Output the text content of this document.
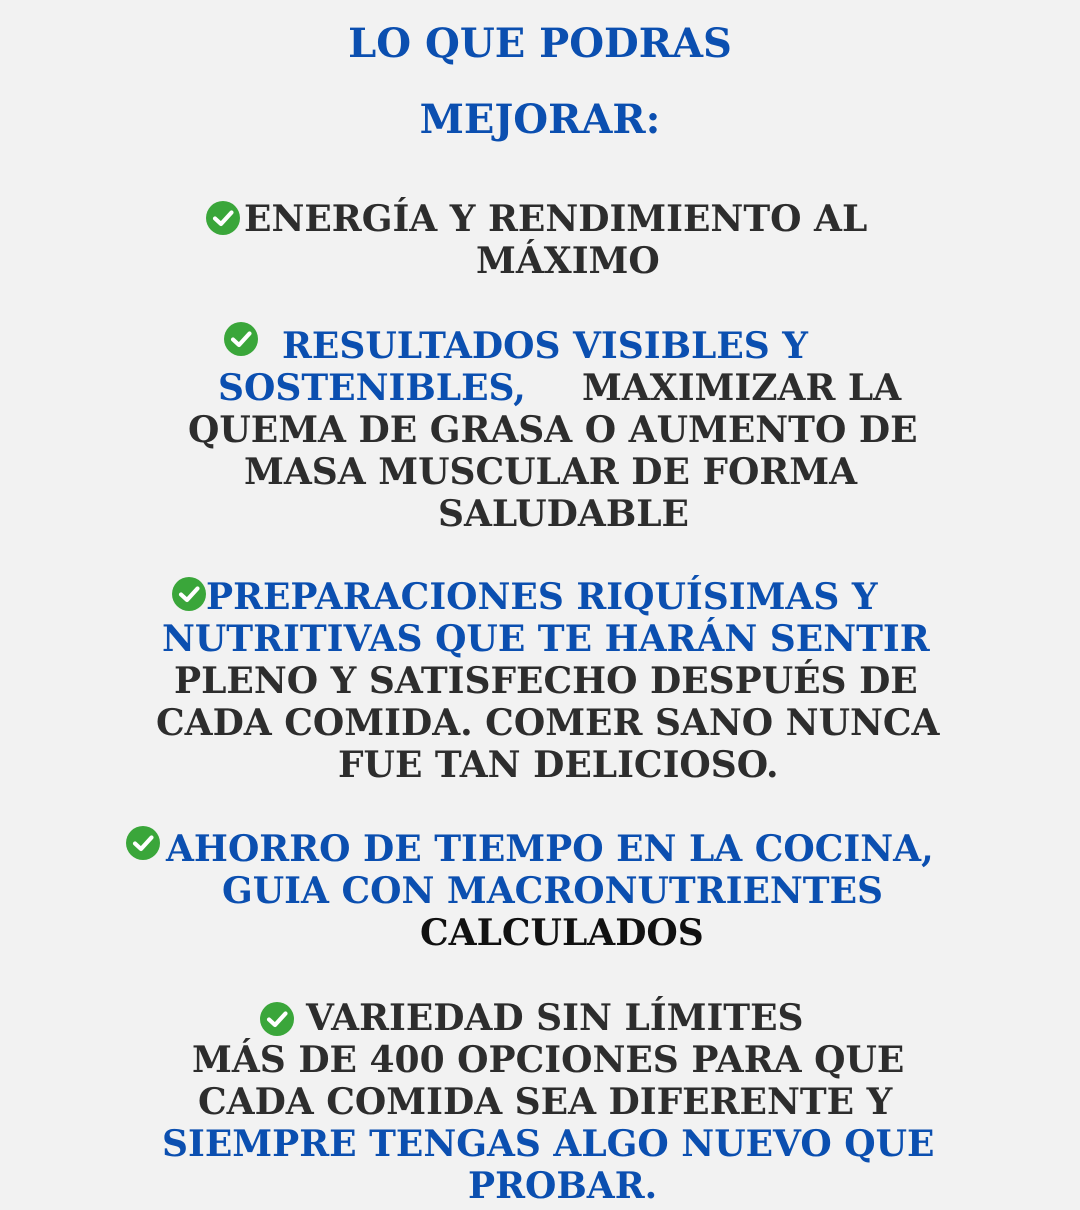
LO QUE PODRAS
MEJORAR:
ENERGÍA Y RENDIMIENTO AL
MÁXIMO
RESULTADOS VISIBLES Y
SOSTENIBLES, MAXIMIZAR LA
QUEMA DE GRASA O AUMENTO DE
MASA MUSCULAR DE FORMA
SALUDABLE
PREPARACIONES RIQUÍSIMAS Y
NUTRITIVAS QUE TE HARÁN SENTIR
PLENO Y SATISFECHO DESPUÉS DE
CADA COMIDA. COMER SANO NUNCA
FUE TAN DELICIOSO.
AHORRO DE TIEMPO EN LA COCINA,
GUIA CON MACRONUTRIENTES
CALCULADOS
VARIEDAD SIN LÍMITES
MÁS DE 400 OPCIONES PARA QUE
CADA COMIDA SEA DIFERENTE Y
SIEMPRE TENGAS ALGO NUEVO QUE
PROBAR.
